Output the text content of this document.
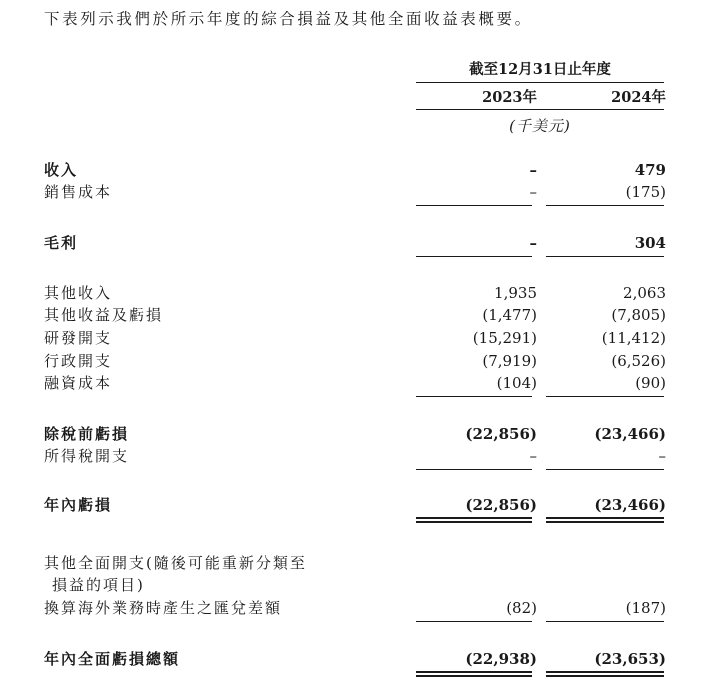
下表列示我們於所示年度的綜合損益及其他全面收益表概要。
截至12月31日止年度
2023年	2024年
(千美元)
收入	–	479
銷售成本	–	(175)
毛利	–	304
其他收入	1,935	2,063
其他收益及虧損	(1,477)	(7,805)
研發開支	(15,291)	(11,412)
行政開支	(7,919)	(6,526)
融資成本	(104)	(90)
除稅前虧損	(22,856)	(23,466)
所得稅開支	–	–
年內虧損	(22,856)	(23,466)
其他全面開支(隨後可能重新分類至
損益的項目)
換算海外業務時產生之匯兌差額	(82)	(187)
年內全面虧損總額	(22,938)	(23,653)
